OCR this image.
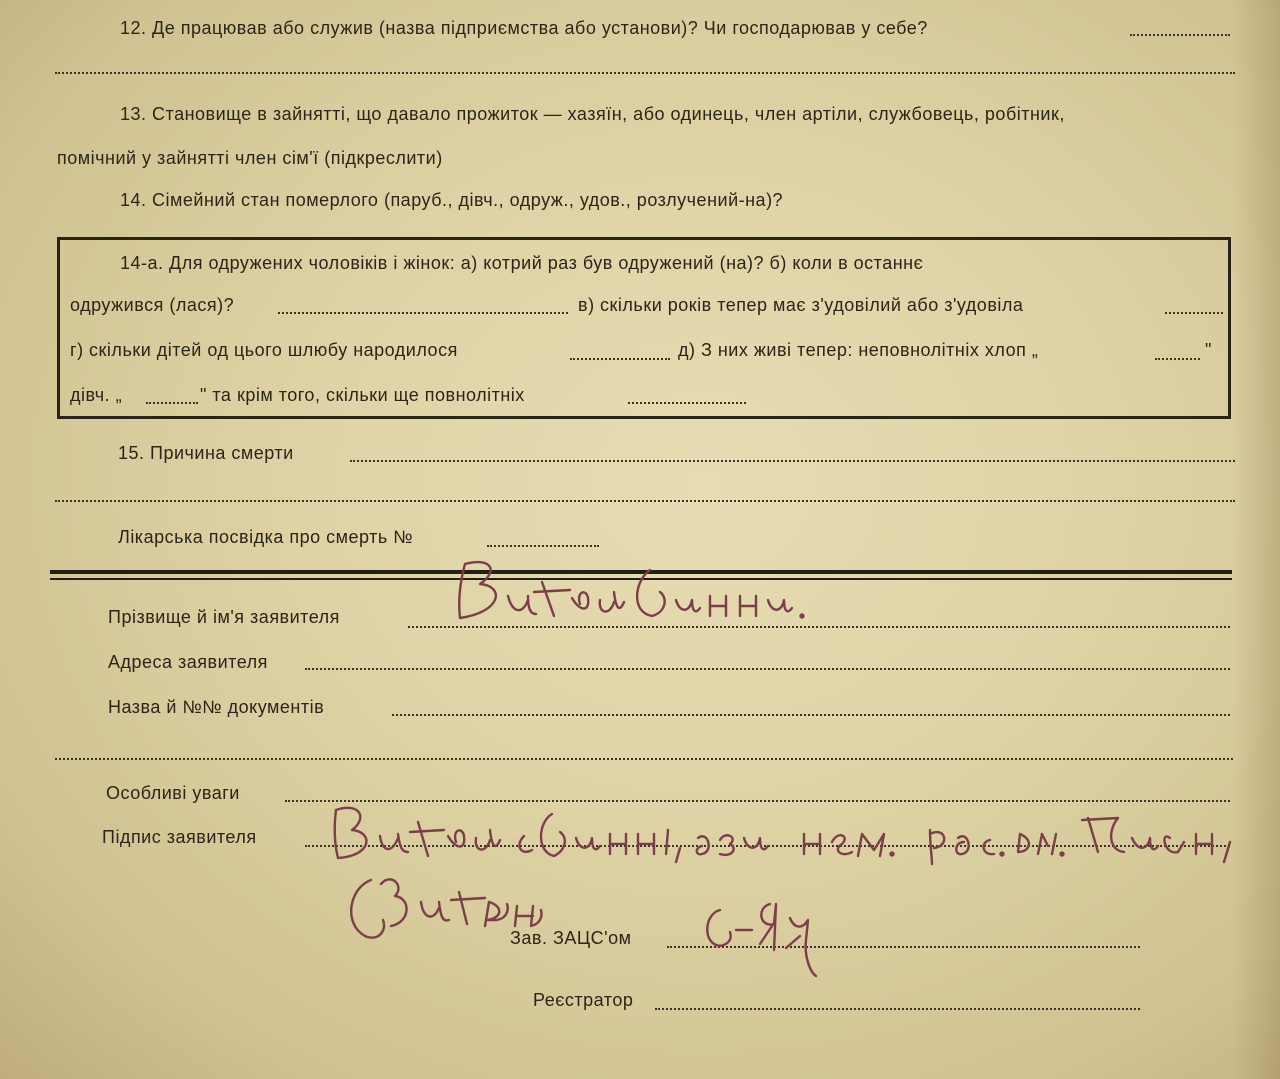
12. Де працював або служив (назва підприємства або установи)? Чи господарював у себе?
13. Становище в зайнятті, що давало прожиток — хазяїн, або одинець, член артіли, службовець, робітник,
помічний у зайнятті член сім'ї (підкреслити)
14. Сімейний стан померлого (паруб., дівч., одруж., удов., розлучений-на)?
14-а. Для одружених чоловіків і жінок: а) котрий раз був одружений (на)? б) коли в останнє
одружився (лася)?	в) скільки років тепер має з'удовілий або з'удовіла
г) скільки дітей од цього шлюбу народилося	д) З них живі тепер: неповнолітніх хлоп „	"
дівч. „	" та крім того, скільки ще повнолітніх
15. Причина смерти
Лікарська посвідка про смерть №
Прізвище й ім'я заявителя
Адреса заявителя
Назва й №№ документів
Особливі уваги
Підпис заявителя
Зав. ЗАЦС'ом
Реєстратор
